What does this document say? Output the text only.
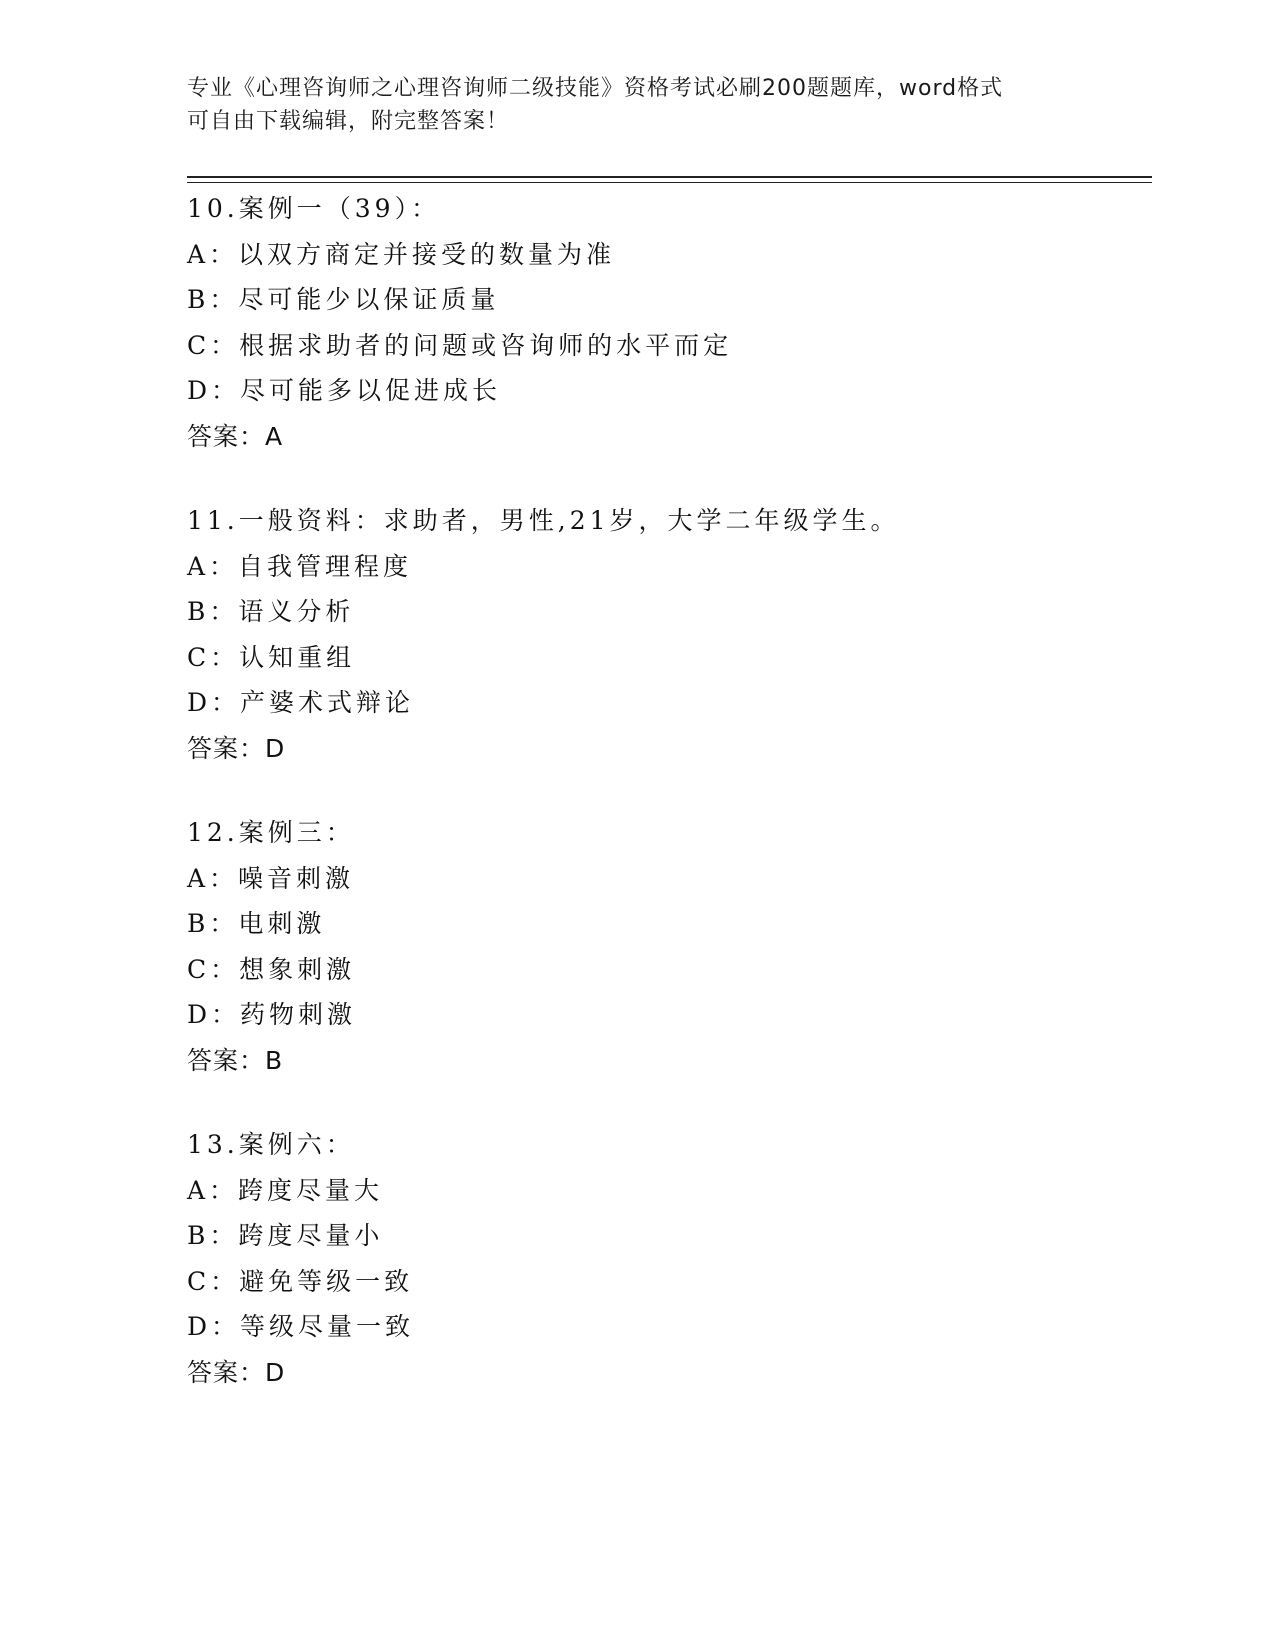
专业《心理咨询师之心理咨询师二级技能》资格考试必刷200题题库，word格式
可自由下载编辑，附完整答案！
10.案例一（39）：
A：以双方商定并接受的数量为准
B：尽可能少以保证质量
C：根据求助者的问题或咨询师的水平而定
D：尽可能多以促进成长
答案：A
11.一般资料：求助者，男性,21岁，大学二年级学生。
A：自我管理程度
B：语义分析
C：认知重组
D：产婆术式辩论
答案：D
12.案例三：
A：噪音刺激
B：电刺激
C：想象刺激
D：药物刺激
答案：B
13.案例六：
A：跨度尽量大
B：跨度尽量小
C：避免等级一致
D：等级尽量一致
答案：D
